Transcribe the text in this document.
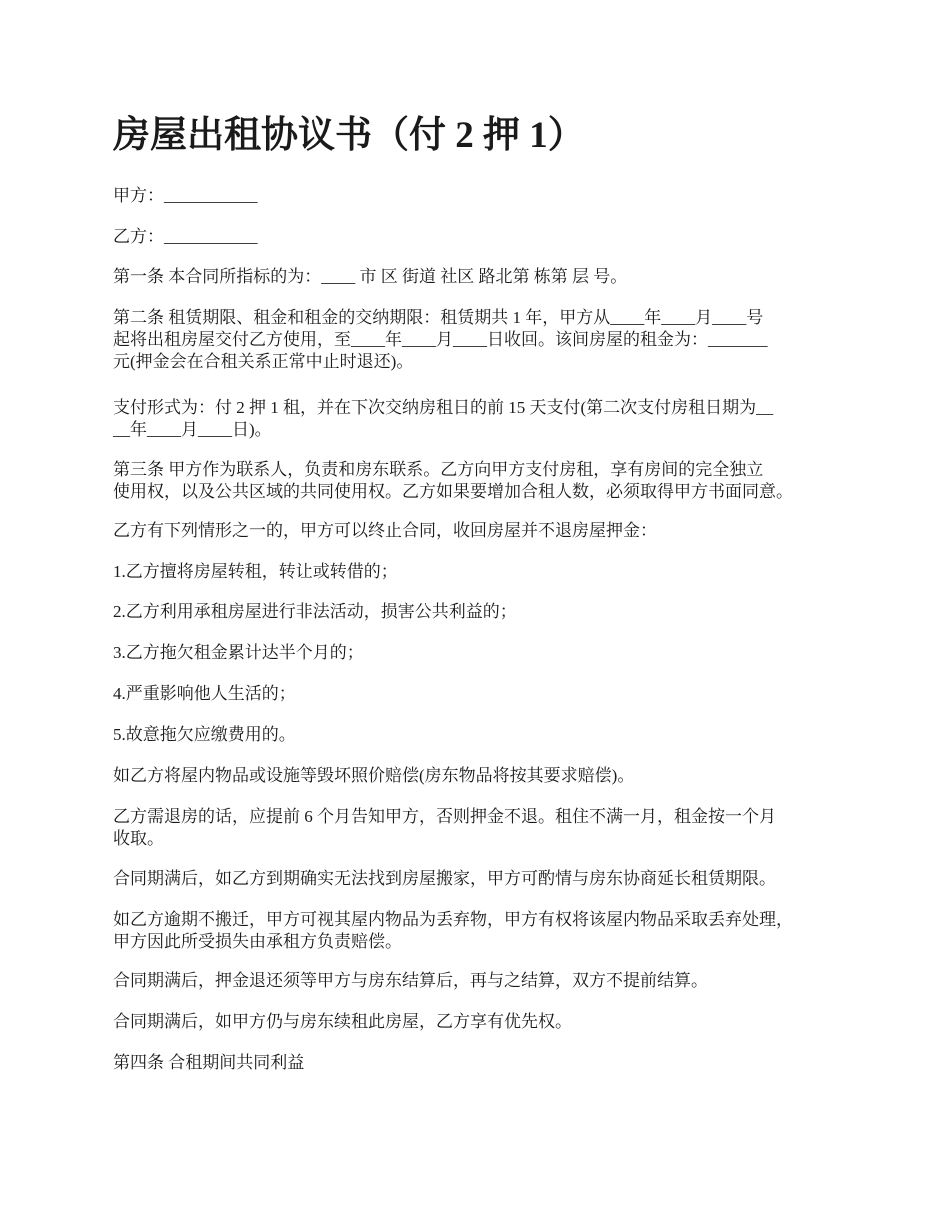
房屋出租协议书（付 2 押 1）

甲方：___________

乙方：___________

第一条 本合同所指标的为：____ 市 区 街道 社区 路北第 栋第 层 号。

第二条 租赁期限、租金和租金的交纳期限：租赁期共 1 年，甲方从____年____月____号
起将出租房屋交付乙方使用，至____年____月____日收回。该间房屋的租金为：_______
元(押金会在合租关系正常中止时退还)。

支付形式为：付 2 押 1 租，并在下次交纳房租日的前 15 天支付(第二次支付房租日期为__
__年____月____日)。

第三条 甲方作为联系人，负责和房东联系。乙方向甲方支付房租，享有房间的完全独立
使用权，以及公共区域的共同使用权。乙方如果要增加合租人数，必须取得甲方书面同意。

乙方有下列情形之一的，甲方可以终止合同，收回房屋并不退房屋押金：

1.乙方擅将房屋转租，转让或转借的；

2.乙方利用承租房屋进行非法活动，损害公共利益的；

3.乙方拖欠租金累计达半个月的；

4.严重影响他人生活的；

5.故意拖欠应缴费用的。

如乙方将屋内物品或设施等毁坏照价赔偿(房东物品将按其要求赔偿)。

乙方需退房的话，应提前 6 个月告知甲方，否则押金不退。租住不满一月，租金按一个月
收取。

合同期满后，如乙方到期确实无法找到房屋搬家，甲方可酌情与房东协商延长租赁期限。

如乙方逾期不搬迁，甲方可视其屋内物品为丢弃物，甲方有权将该屋内物品采取丢弃处理，
甲方因此所受损失由承租方负责赔偿。

合同期满后，押金退还须等甲方与房东结算后，再与之结算，双方不提前结算。

合同期满后，如甲方仍与房东续租此房屋，乙方享有优先权。

第四条 合租期间共同利益
